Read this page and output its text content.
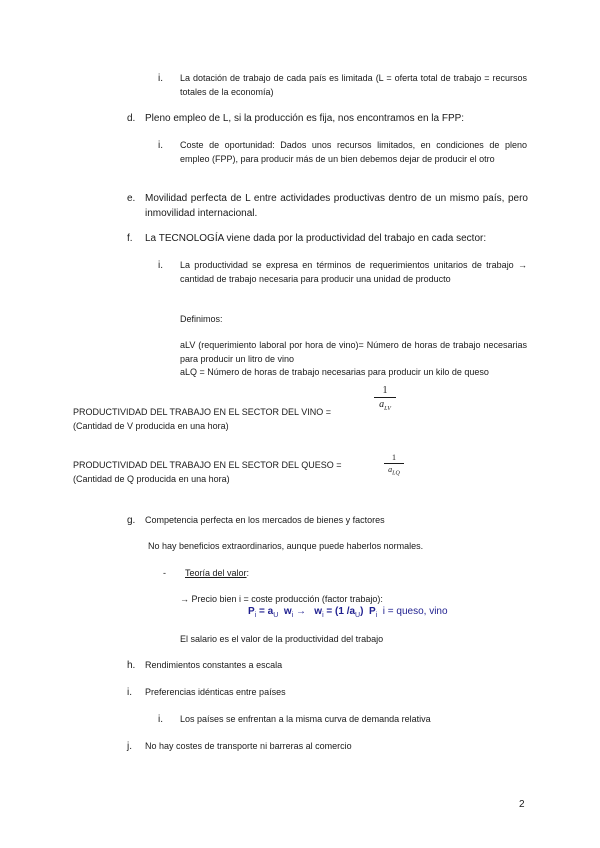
i. La dotación de trabajo de cada país es limitada (L = oferta total de trabajo = recursos totales de la economía)
d. Pleno empleo de L, si la producción es fija, nos encontramos en la FPP:
i. Coste de oportunidad: Dados unos recursos limitados, en condiciones de pleno empleo (FPP), para producir más de un bien debemos dejar de producir el otro
e. Movilidad perfecta de L entre actividades productivas dentro de un mismo país, pero inmovilidad internacional.
f. La TECNOLOGÍA viene dada por la productividad del trabajo en cada sector:
i. La productividad se expresa en términos de requerimientos unitarios de trabajo → cantidad de trabajo necesaria para producir una unidad de producto
Definimos:
aLV (requerimiento laboral por hora de vino)= Número de horas de trabajo necesarias para producir un litro de vino
aLQ = Número de horas de trabajo necesarias para producir un kilo de queso
PRODUCTIVIDAD DEL TRABAJO EN EL SECTOR DEL VINO =
(Cantidad de V producida en una hora)
1
$a_{LV}$
PRODUCTIVIDAD DEL TRABAJO EN EL SECTOR DEL QUESO =
(Cantidad de Q producida en una hora)
1
$a_{LQ}$
g. Competencia perfecta en los mercados de bienes y factores
No hay beneficios extraordinarios, aunque puede haberlos normales.
- Teoría del valor:
→ Precio bien i = coste producción (factor trabajo):
$P_i = a_U$  $w_i \to w_i = (1$ $/a_U$)  $P_i$  i = queso, vino
El salario es el valor de la productividad del trabajo
h. Rendimientos constantes a escala
i. Preferencias idénticas entre países
i. Los países se enfrentan a la misma curva de demanda relativa
j. No hay costes de transporte ni barreras al comercio
2
